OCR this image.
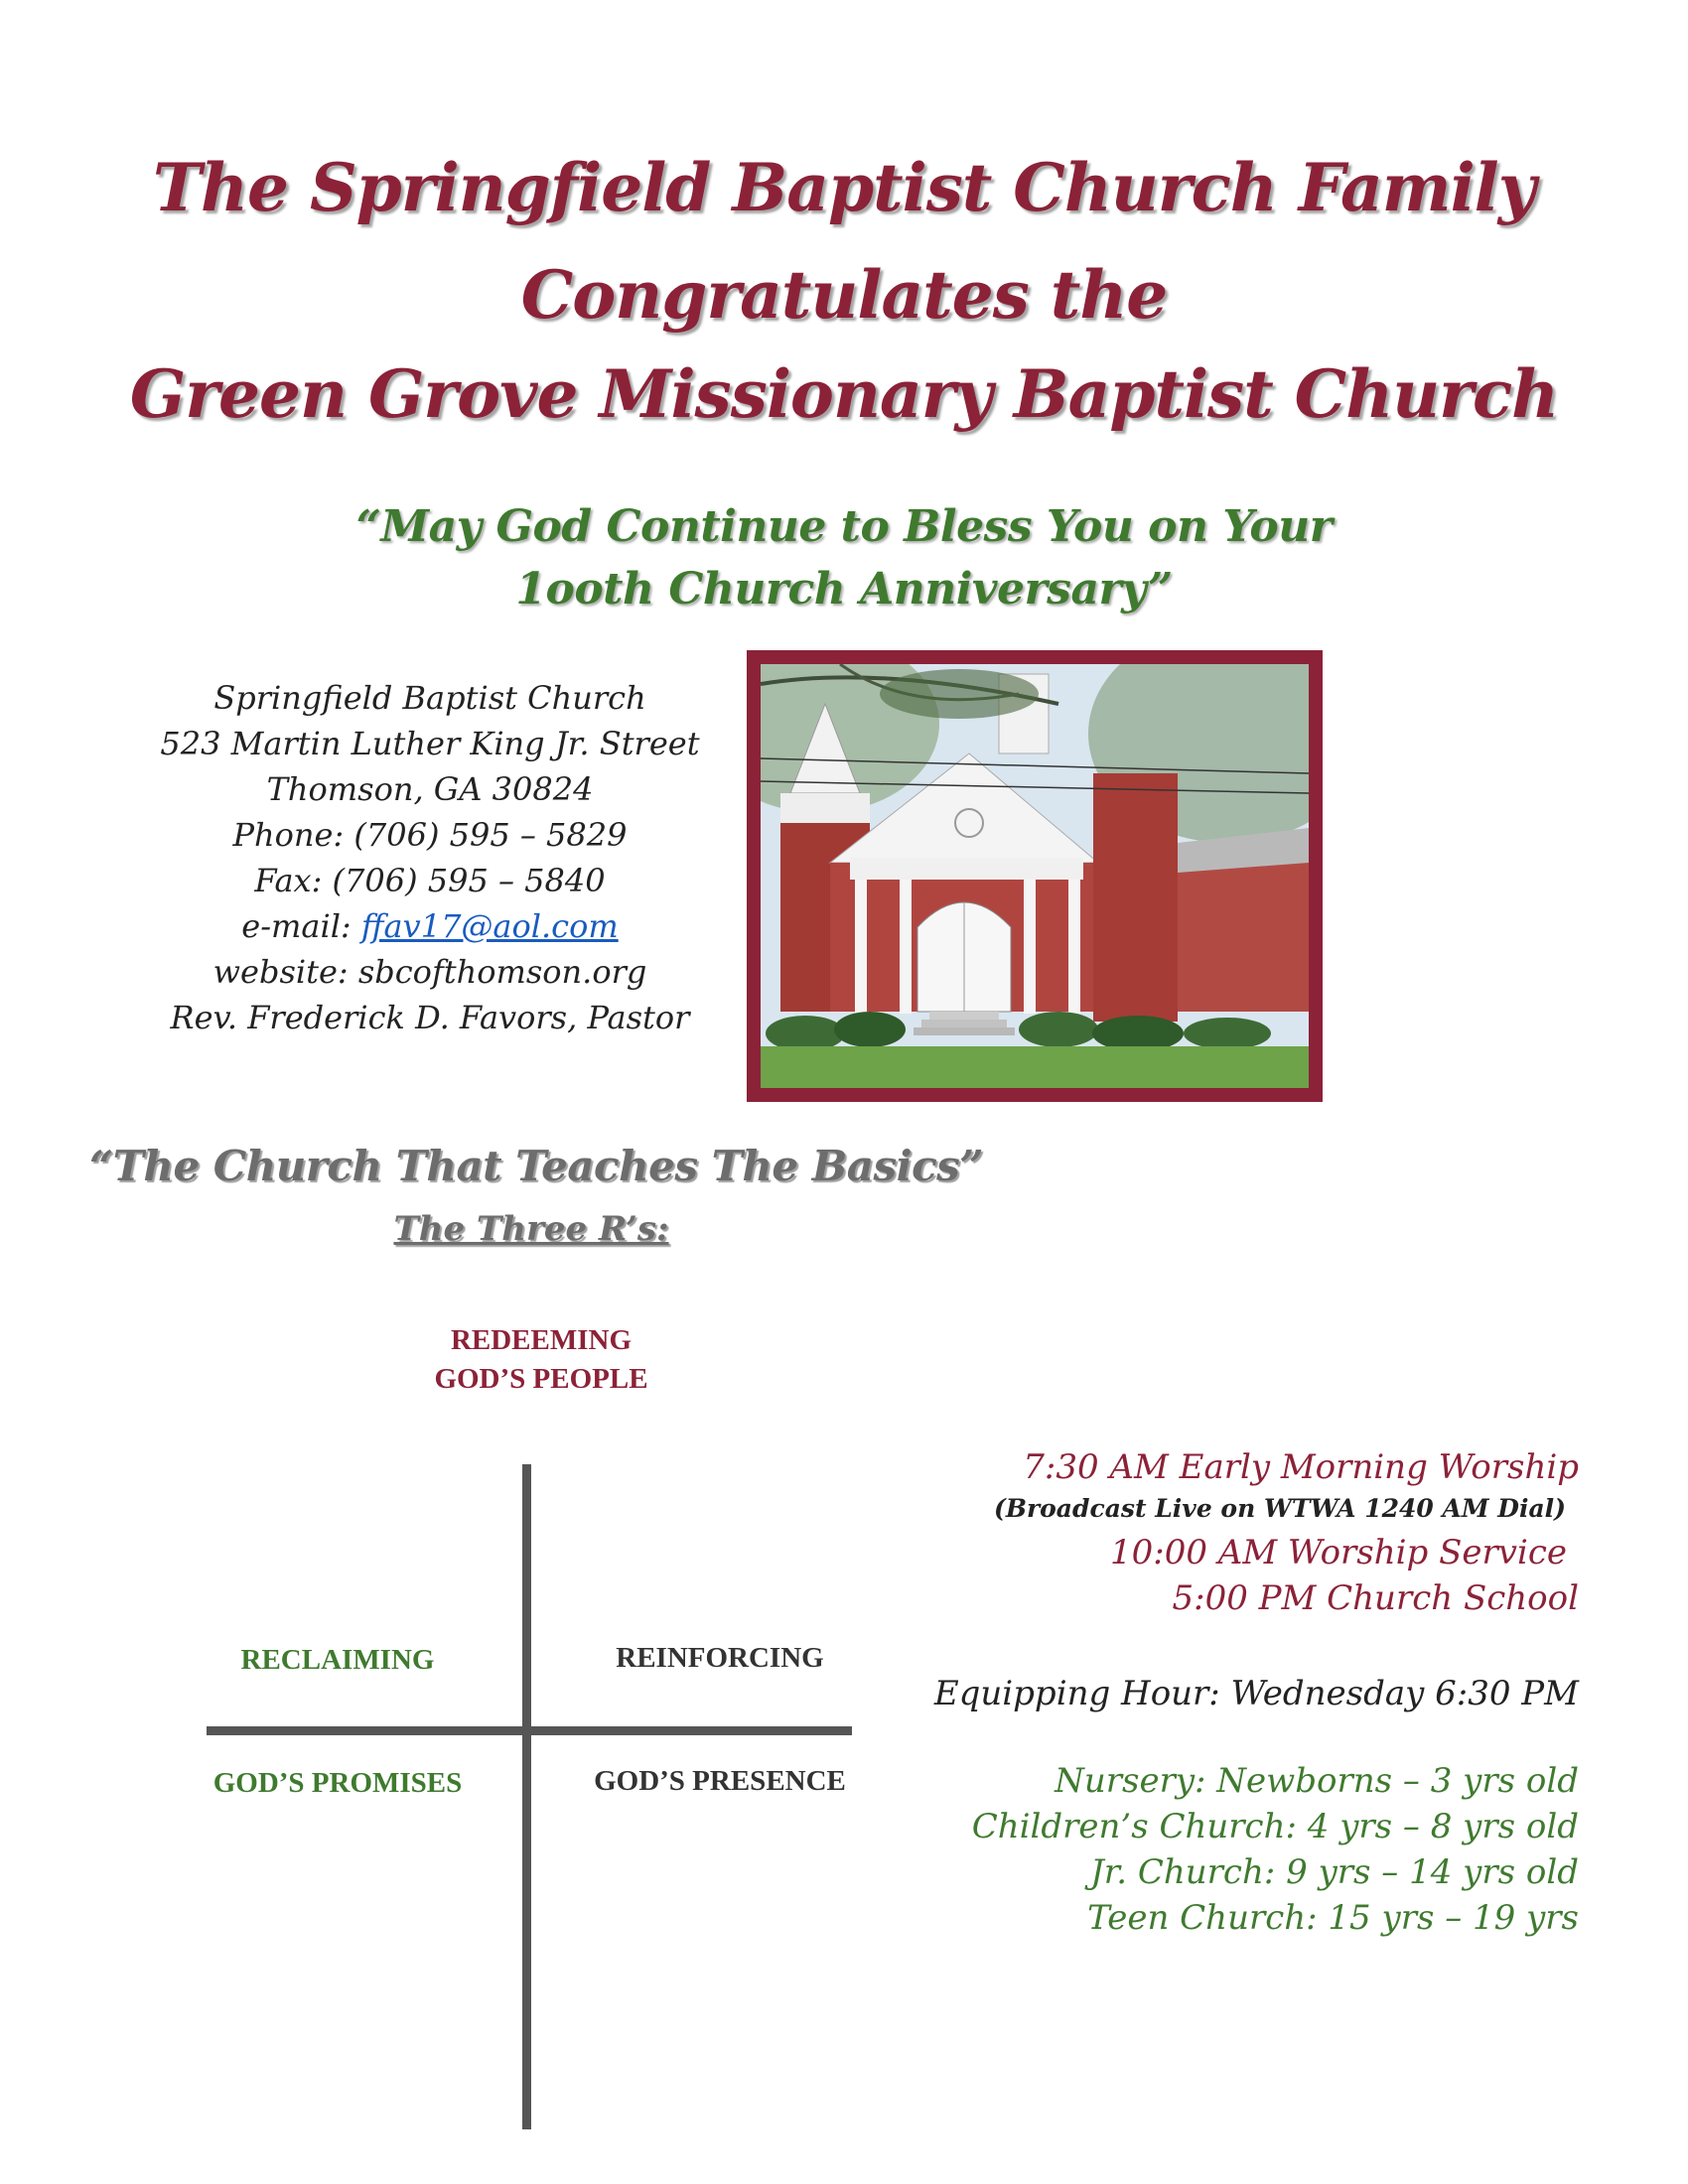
The Springfield Baptist Church Family
Congratulates the
Green Grove Missionary Baptist Church
“May God Continue to Bless You on Your
1ooth Church Anniversary”
Springfield Baptist Church
523 Martin Luther King Jr. Street
Thomson, GA 30824
Phone: (706) 595 – 5829
Fax: (706) 595 – 5840
e-mail: ffav17@aol.com
website: sbcofthomson.org
Rev. Frederick D. Favors, Pastor
“The Church That Teaches The Basics”
The Three R’s:
REDEEMING
GOD’S PEOPLE
RECLAIMING
GOD’S PROMISES
REINFORCING
GOD’S PRESENCE
7:30 AM Early Morning Worship
(Broadcast Live on WTWA 1240 AM Dial)
10:00 AM Worship Service
5:00 PM Church School
Equipping Hour: Wednesday 6:30 PM
Nursery: Newborns – 3 yrs old
Children’s Church: 4 yrs – 8 yrs old
Jr. Church: 9 yrs – 14 yrs old
Teen Church: 15 yrs – 19 yrs
